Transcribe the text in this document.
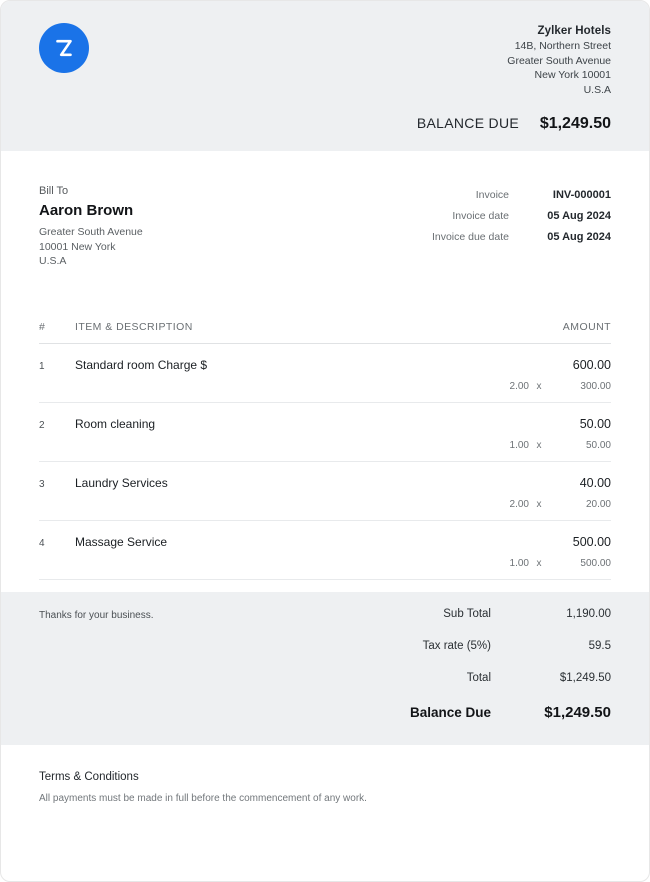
Zylker Hotels
14B, Northern Street
Greater South Avenue
New York 10001
U.S.A
BALANCE DUE	$1,249.50
Bill To
Aaron Brown
Greater South Avenue
10001 New York
U.S.A
Invoice	INV-000001
Invoice date	05 Aug 2024
Invoice due date	05 Aug 2024
#	ITEM & DESCRIPTION	AMOUNT
1	Standard room Charge $	600.00
2.00 x	300.00
2	Room cleaning	50.00
1.00 x	50.00
3	Laundry Services	40.00
2.00 x	20.00
4	Massage Service	500.00
1.00 x	500.00
Thanks for your business.	Sub Total	1,190.00
Tax rate (5%)	59.5
Total	$1,249.50
Balance Due	$1,249.50
Terms & Conditions
All payments must be made in full before the commencement of any work.
